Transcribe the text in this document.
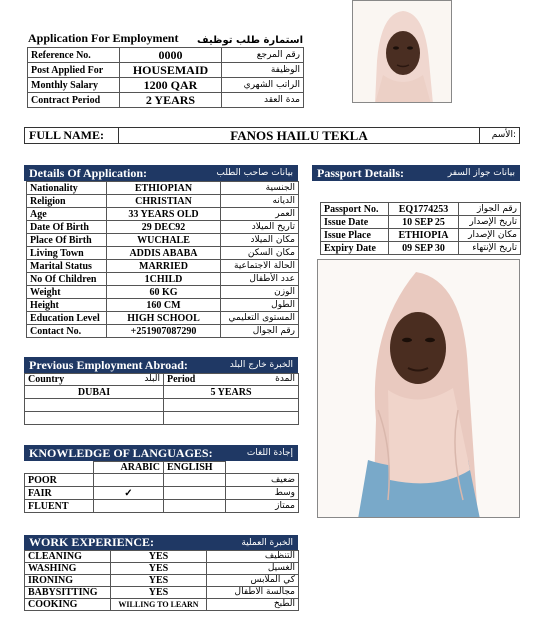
Application For Employment استمارة طلب توظيف
Reference No.	0000	رقم المرجع
Post Applied For	HOUSEMAID	الوظيفة
Monthly Salary	1200 QAR	الراتب الشهري
Contract Period	2 YEARS	مدة العقد
FULL NAME:	FANOS HAILU TEKLA	الأسم:
Details Of Application:	بيانات صاحب الطلب
Nationality	ETHIOPIAN	الجنسية
Religion	CHRISTIAN	الديانه
Age	33 YEARS OLD	العمر
Date Of Birth	29 DEC92	تاريخ الميلاد
Place Of Birth	WUCHALE	مكان الميلاد
Living Town	ADDIS ABABA	مكان السكن
Marital Status	MARRIED	الحالة الاجتماعية
No Of Children	1CHILD	عدد الأطفال
Weight	60 KG	الوزن
Height	160 CM	الطول
Education Level	HIGH SCHOOL	المستوى التعليمي
Contact No.	+251907087290	رقم الجوال
Passport Details:	بيانات جواز السفر
Passport No.	EQ1774253	رقم الجواز
Issue Date	10 SEP 25	تاريخ الإصدار
Issue Place	ETHIOPIA	مكان الإصدار
Expiry Date	09 SEP 30	تاريخ الإنتهاء
Previous Employment Abroad:	الخبرة خارج البلد
Country البلد	Period المدة

DUBAI	5 YEARS

KNOWLEDGE OF LANGUAGES:	إجادة اللغات
	ARABIC	ENGLISH	
POOR			ضعيف
FAIR	✓		وسط
FLUENT			ممتاز
WORK EXPERIENCE:	الخبرة العملية
CLEANING	YES	التنظيف
WASHING	YES	الغسيل
IRONING	YES	كي الملابس
BABYSITTING	YES	مجالسة الأطفال
COOKING	WILLING TO LEARN	الطبخ
